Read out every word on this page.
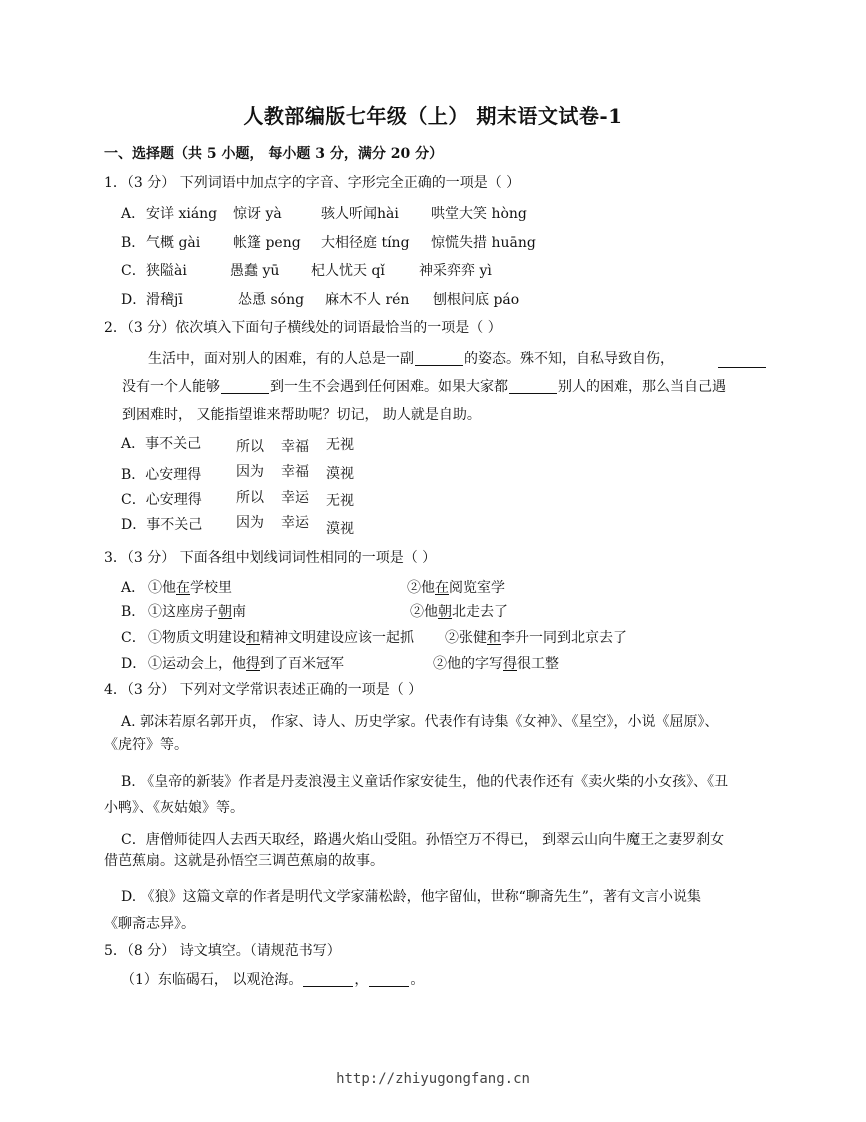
人教部编版七年级（上） 期末语文试卷-1
一、选择题（共 5 小题， 每小题 3 分，满分 20 分）
1．（3 分） 下列词语中加点字的字音、字形完全正确的一项是（ ）
A． 安详 xiáng 惊讶 yà	骇人听闻hài 哄堂大笑 hòng
B． 气概 gài 帐篷 peng 大相径庭 tíng 惊慌失措 huāng
C． 狭隘ài	愚蠢 yū 杞人忧天 qǐ 神采弈弈 yì
D． 滑稽jī	怂恿 sóng 麻木不人 rén 刨根问底 páo
2．（3 分）依次填入下面句子横线处的词语最恰当的一项是（ ）
生活中，面对别人的困难，有的人总是一副	的姿态。殊不知，自私导致自伤，
没有一个人能够	到一生不会遇到任何困难。如果大家都	别人的困难，那么当自己遇
到困难时， 又能指望谁来帮助呢？切记， 助人就是自助。
A．事不关己 所以 幸福 无视
B．心安理得 因为 幸福 漠视
C．心安理得 所以 幸运 无视
D．事不关己 因为 幸运 漠视
3．（3 分） 下面各组中划线词词性相同的一项是（ ）
A． ①他在学校里	②他在阅览室学
B． ①这座房子朝南	②他朝北走去了
C． ①物质文明建设和精神文明建设应该一起抓 ②张健和李升一同到北京去了
D． ①运动会上，他得到了百米冠军	②他的字写得很工整
4．（3 分） 下列对文学常识表述正确的一项是（ ）
A. 郭沫若原名郭开贞， 作家、诗人、历史学家。代表作有诗集《女神》、《星空》，小说《屈原》、
《虎符》等。
B. 《皇帝的新装》作者是丹麦浪漫主义童话作家安徒生，他的代表作还有《卖火柴的小女孩》、《丑
小鸭》、《灰姑娘》等。
C．唐僧师徒四人去西天取经，路遇火焰山受阻。孙悟空万不得已， 到翠云山向牛魔王之妻罗刹女
借芭蕉扇。这就是孙悟空三调芭蕉扇的故事。
D. 《狼》这篇文章的作者是明代文学家蒲松龄，他字留仙，世称“聊斋先生”，著有文言小说集
《聊斋志异》。
5．（8 分） 诗文填空。（请规范书写）
（1）东临碣石， 以观沧海。	，	。
http://zhiyugongfang.cn
